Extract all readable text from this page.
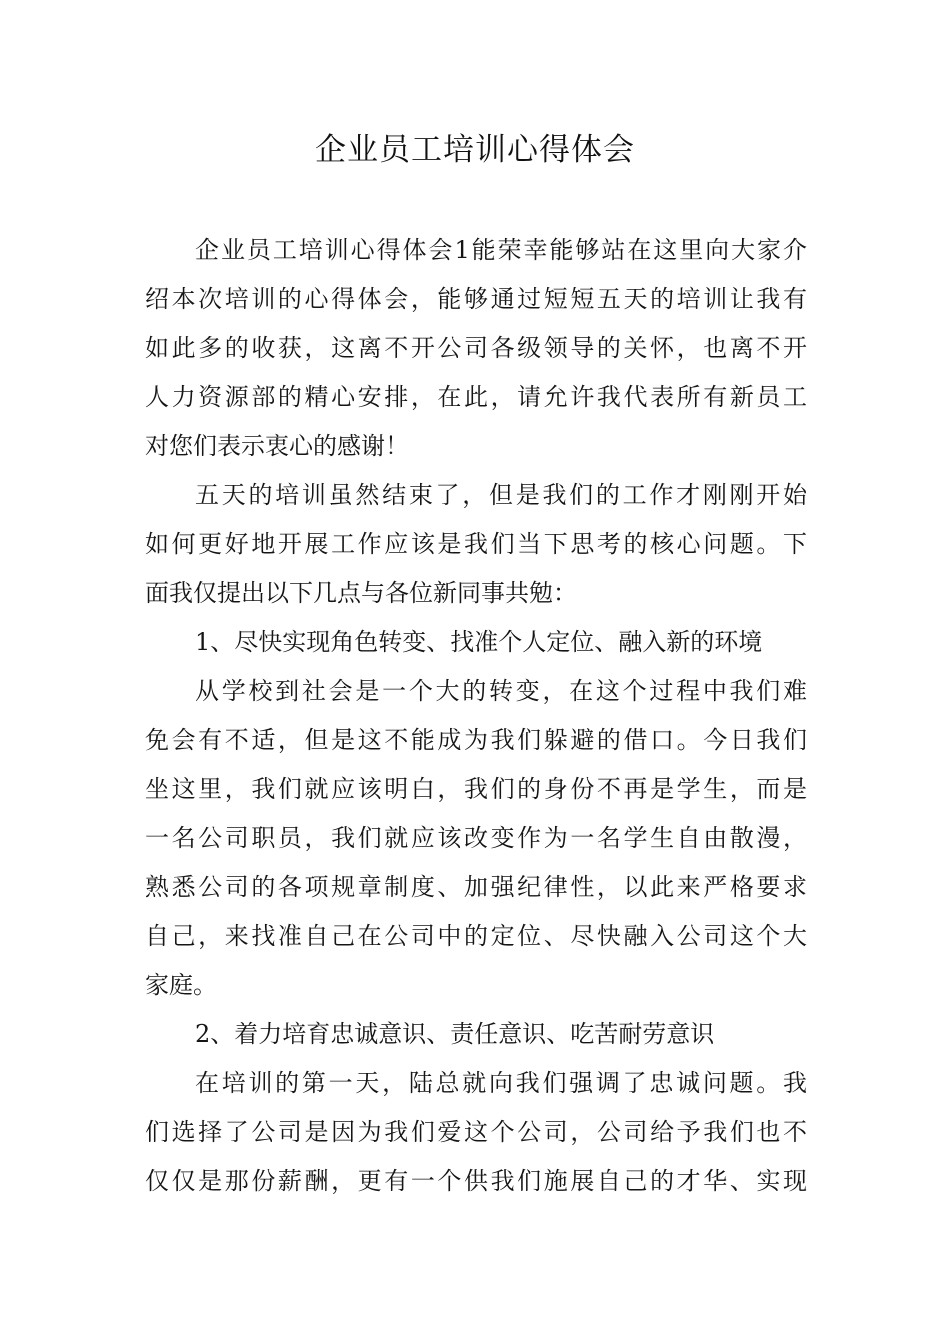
企业员工培训心得体会
企业员工培训心得体会1能荣幸能够站在这里向大家介
绍本次培训的心得体会，能够通过短短五天的培训让我有
如此多的收获，这离不开公司各级领导的关怀，也离不开
人力资源部的精心安排，在此，请允许我代表所有新员工
对您们表示衷心的感谢！
五天的培训虽然结束了，但是我们的工作才刚刚开始
如何更好地开展工作应该是我们当下思考的核心问题。下
面我仅提出以下几点与各位新同事共勉：
1、尽快实现角色转变、找准个人定位、融入新的环境
从学校到社会是一个大的转变，在这个过程中我们难
免会有不适，但是这不能成为我们躲避的借口。今日我们
坐这里，我们就应该明白，我们的身份不再是学生，而是
一名公司职员，我们就应该改变作为一名学生自由散漫，
熟悉公司的各项规章制度、加强纪律性，以此来严格要求
自己，来找准自己在公司中的定位、尽快融入公司这个大
家庭。
2、着力培育忠诚意识、责任意识、吃苦耐劳意识
在培训的第一天，陆总就向我们强调了忠诚问题。我
们选择了公司是因为我们爱这个公司，公司给予我们也不
仅仅是那份薪酬，更有一个供我们施展自己的才华、实现
